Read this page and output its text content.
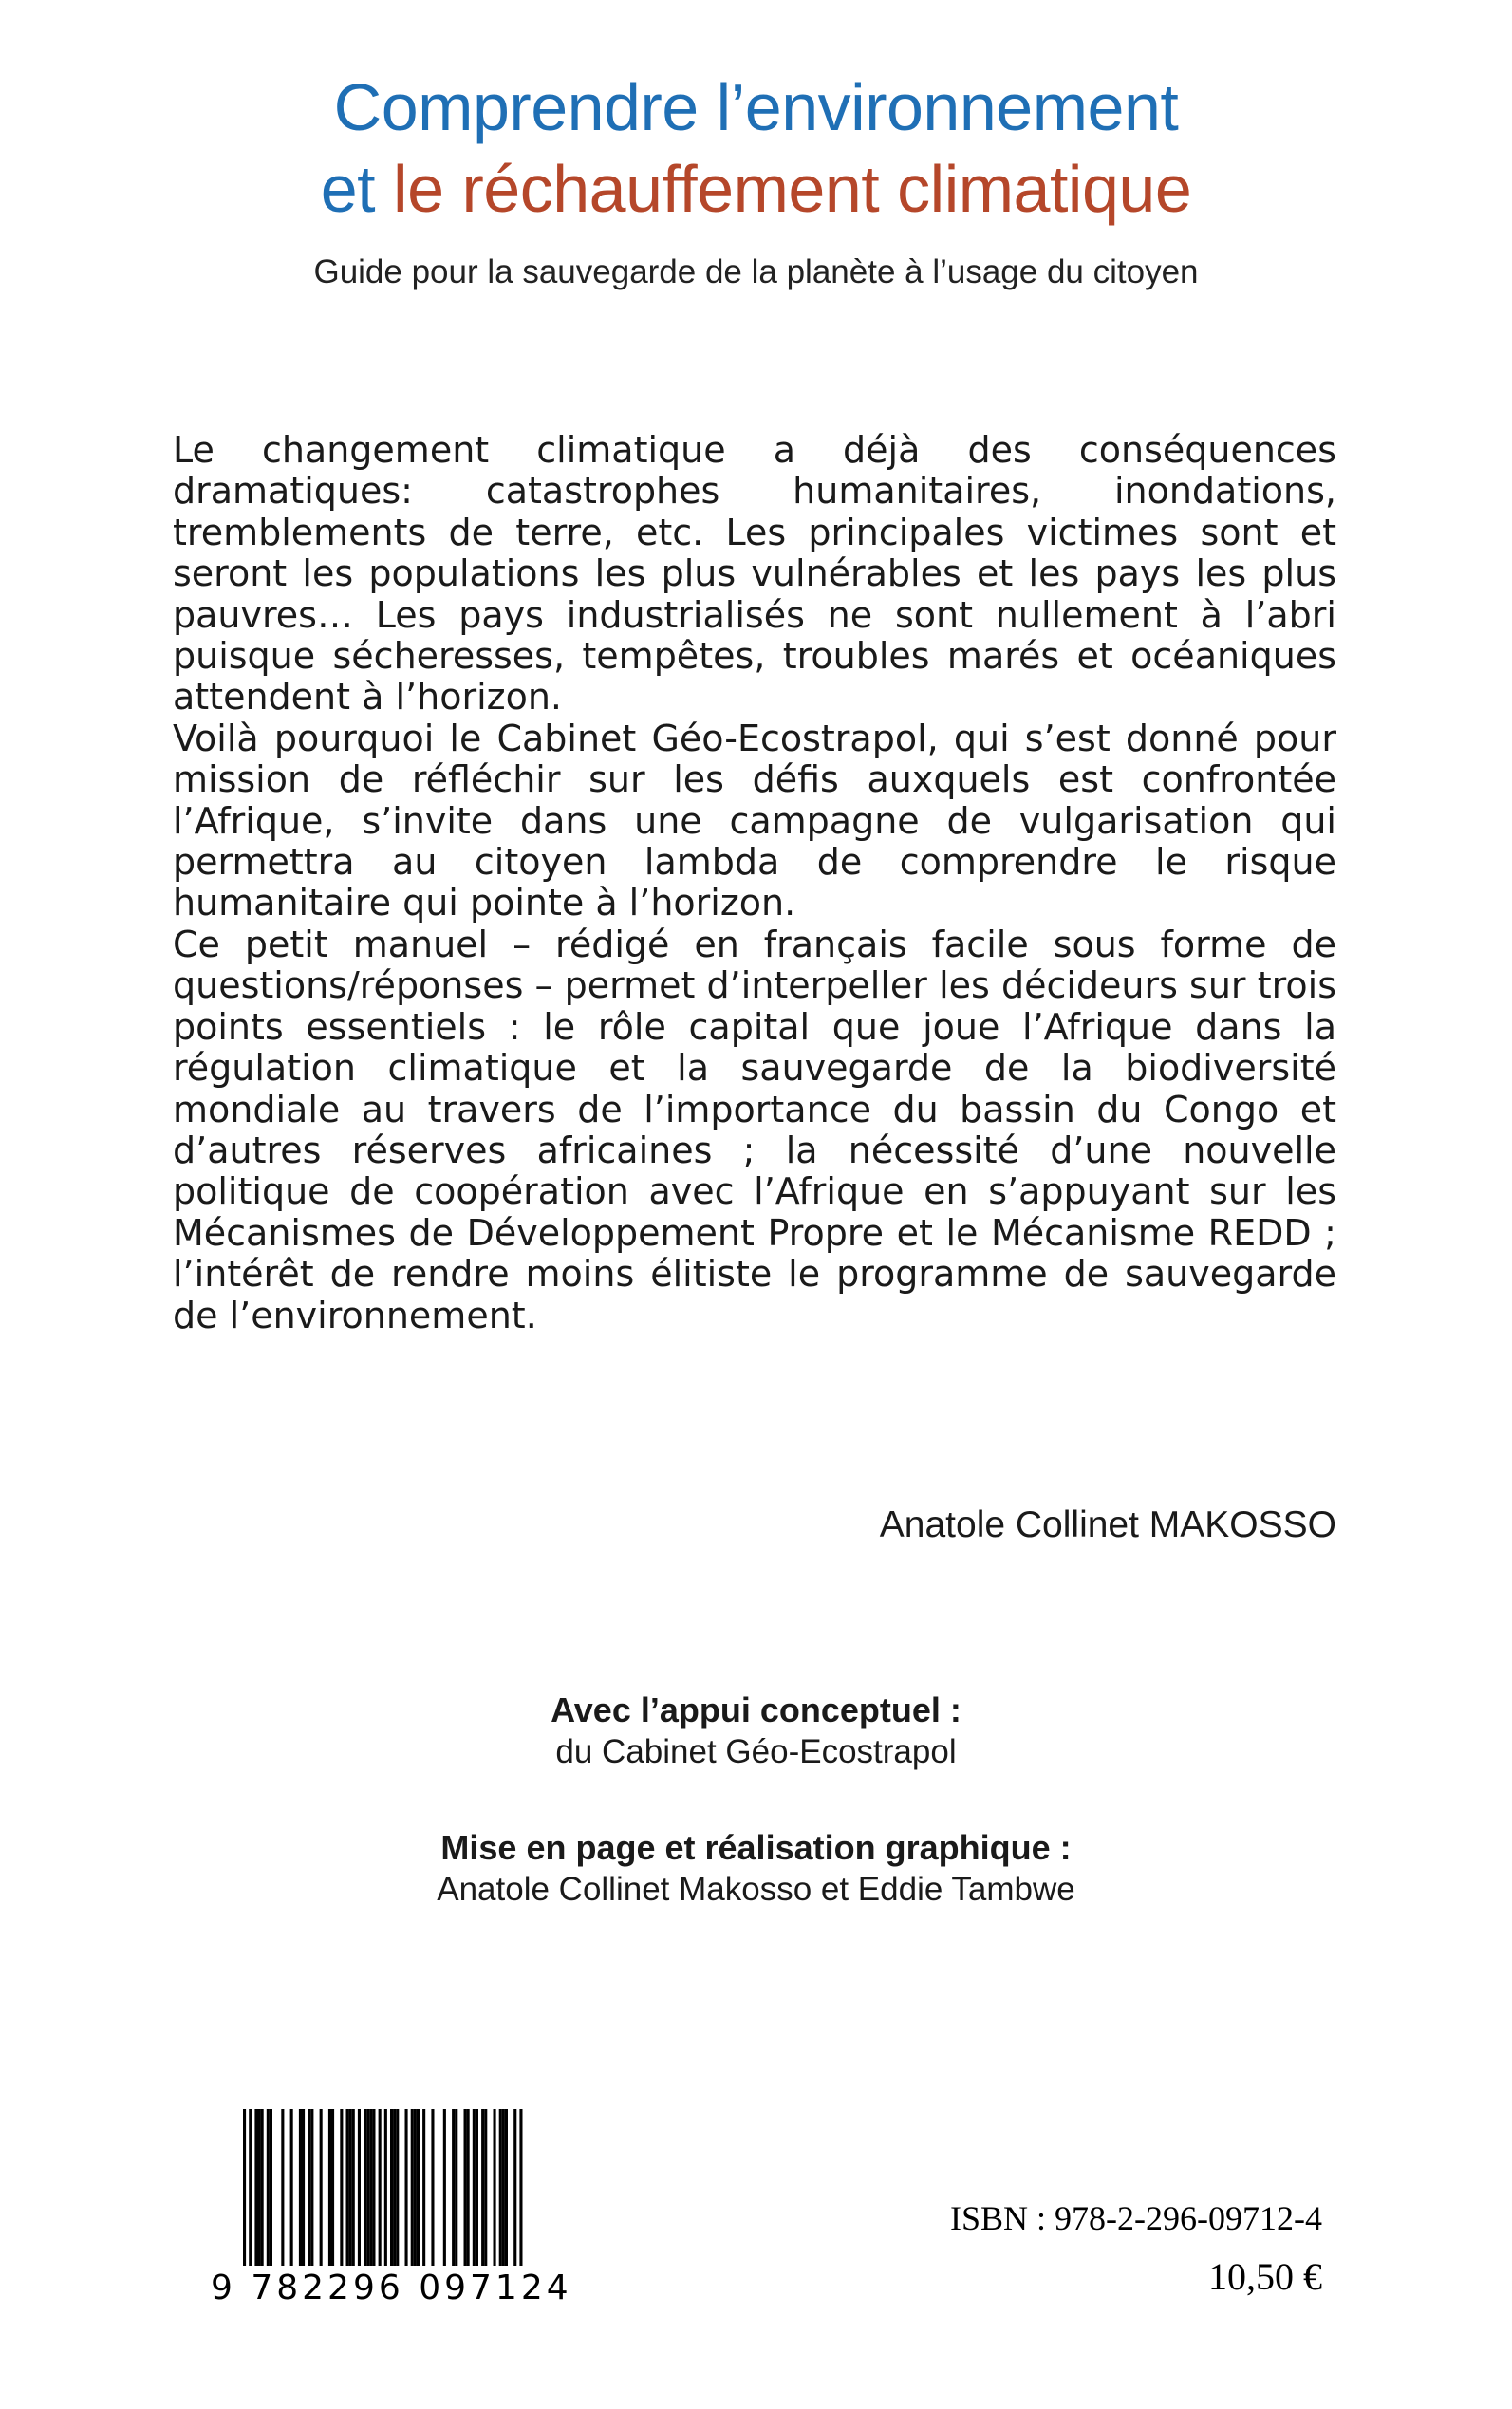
Comprendre l’environnement
et le réchauffement climatique
Guide pour la sauvegarde de la planète à l’usage du citoyen

Le changement climatique a déjà des conséquences dramatiques: catastrophes humanitaires, inondations, tremblements de terre, etc. Les principales victimes sont et seront les populations les plus vulnérables et les pays les plus pauvres… Les pays industrialisés ne sont nullement à l’abri puisque sécheresses, tempêtes, troubles marés et océaniques attendent à l’horizon.

Voilà pourquoi le Cabinet Géo-Ecostrapol, qui s’est donné pour mission de réfléchir sur les défis auxquels est confrontée l’Afrique, s’invite dans une campagne de vulgarisation qui permettra au citoyen lambda de comprendre le risque humanitaire qui pointe à l’horizon.

Ce petit manuel – rédigé en français facile sous forme de questions/réponses – permet d’interpeller les décideurs sur trois points essentiels : le rôle capital que joue l’Afrique dans la régulation climatique et la sauvegarde de la biodiversité mondiale au travers de l’importance du bassin du Congo et d’autres réserves africaines ; la nécessité d’une nouvelle politique de coopération avec l’Afrique en s’appuyant sur les Mécanismes de Développement Propre et le Mécanisme REDD ; l’intérêt de rendre moins élitiste le programme de sauvegarde de l’environnement.

Anatole Collinet MAKOSSO
Avec l’appui conceptuel :
du Cabinet Géo-Ecostrapol
Mise en page et réalisation graphique :
Anatole Collinet Makosso et Eddie Tambwe
9 782296 097124
ISBN : 978-2-296-09712-4
10,50 €
